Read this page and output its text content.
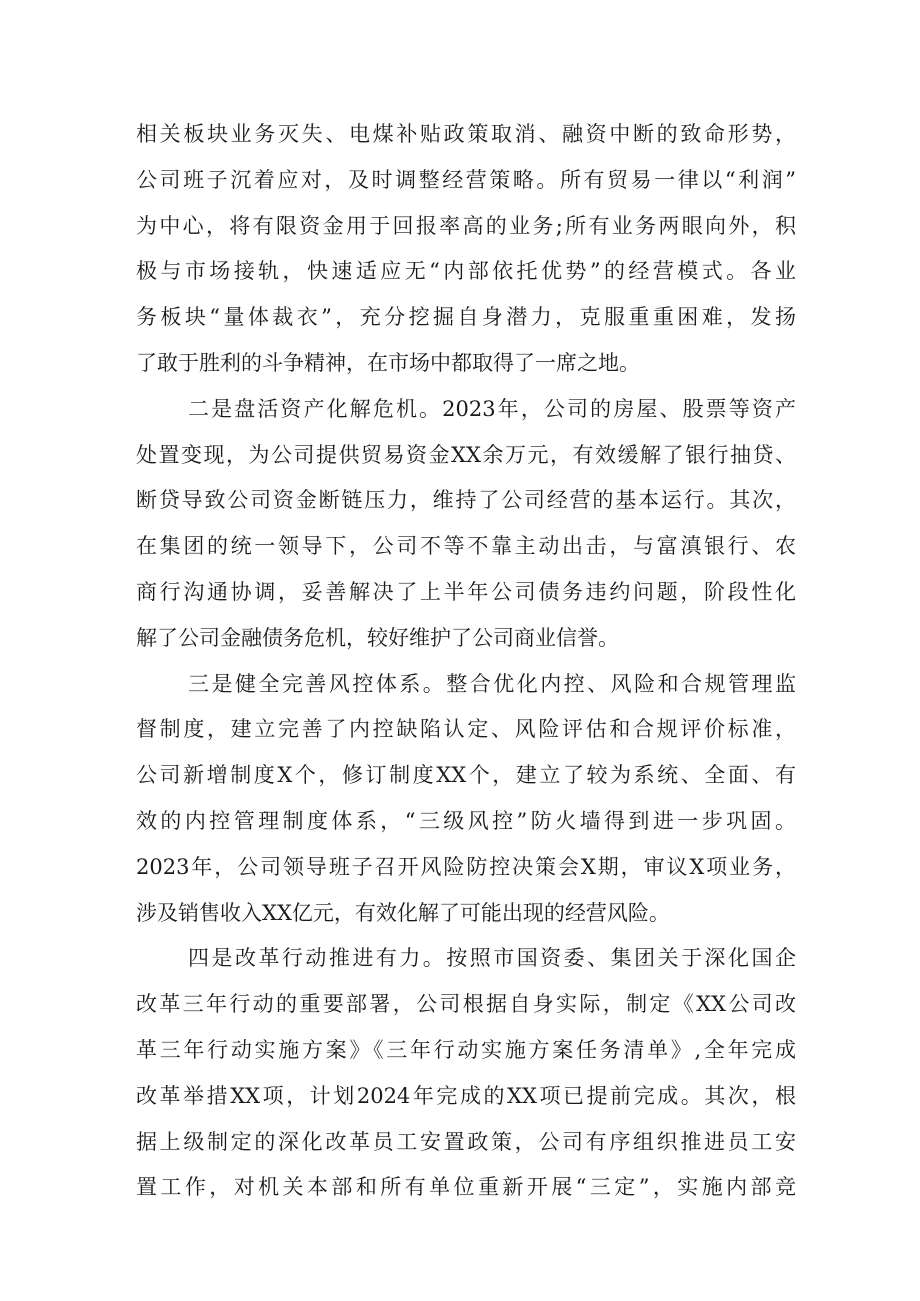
相关板块业务灭失、电煤补贴政策取消、融资中断的致命形势，
公司班子沉着应对，及时调整经营策略。所有贸易一律以“利润”
为中心，将有限资金用于回报率高的业务;所有业务两眼向外，积
极与市场接轨，快速适应无“内部依托优势”的经营模式。各业
务板块“量体裁衣”，充分挖掘自身潜力，克服重重困难，发扬
了敢于胜利的斗争精神，在市场中都取得了一席之地。
二是盘活资产化解危机。2023年，公司的房屋、股票等资产
处置变现，为公司提供贸易资金XX余万元，有效缓解了银行抽贷、
断贷导致公司资金断链压力，维持了公司经营的基本运行。其次，
在集团的统一领导下，公司不等不靠主动出击，与富滇银行、农
商行沟通协调，妥善解决了上半年公司债务违约问题，阶段性化
解了公司金融债务危机，较好维护了公司商业信誉。
三是健全完善风控体系。整合优化内控、风险和合规管理监
督制度，建立完善了内控缺陷认定、风险评估和合规评价标准，
公司新增制度X个，修订制度XX个，建立了较为系统、全面、有
效的内控管理制度体系，“三级风控”防火墙得到进一步巩固。
2023年，公司领导班子召开风险防控决策会X期，审议X项业务，
涉及销售收入XX亿元，有效化解了可能出现的经营风险。
四是改革行动推进有力。按照市国资委、集团关于深化国企
改革三年行动的重要部署，公司根据自身实际，制定《XX公司改
革三年行动实施方案》《三年行动实施方案任务清单》,全年完成
改革举措XX项，计划2024年完成的XX项已提前完成。其次，根
据上级制定的深化改革员工安置政策，公司有序组织推进员工安
置工作，对机关本部和所有单位重新开展“三定”，实施内部竞
